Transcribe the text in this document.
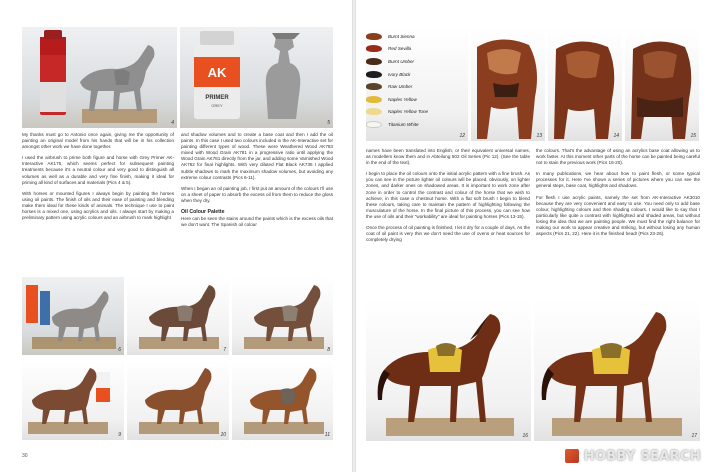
4
AK
PRIMER
GREY
5

My thanks must go to Antonio once again, giving me the opportunity of painting an original model from his hands that will be in his collection amongst other work we have done together.

I used the airbrush to prime both figure and horse with Grey Primer AK-Interactive AK175, which seems perfect for subsequent painting treatments because it's a neutral colour and very good to distinguish all volumes as well as a durable and very fine finish, making it ideal for priming all kind of surfaces and materials (Pics 4 & 5).

With horses or mounted figures I always begin by painting the horses using oil paints. The finish of oils and their ease of painting and blending make them ideal for these kinds of animals. The technique I use to paint horses is a mixed one, using acrylics and oils. I always start by making a preliminary pattern using acrylic colours and an airbrush to mark highlight

and shadow volumes and to create a base coat and then I add the oil paints. In this case I used two colours included in the AK-Interactive set for painting different types of wood. These were Weathered Wood AK783 mixed with Wood Grain AK781 in a progressive ratio until applying the Wood Grain AK781 directly from the jar, and adding some Varnished Wood AK782 for final highlights. With very diluted Flat Black AK735 I applied subtle shadows to mark the maximum shadow volumes, but avoiding any extreme colour contrasts (Pics 6-11).

When I began an oil painting job, I first put an amount of the colours I'll use on a sheet of paper to absorb the excess oil from them to reduce the gloss when they dry.

Oil Colour Palette

Here can be seen the stains around the paints which is the excess oils that we don't want. The Spanish oil colour

6	7	8
9	10	11
30
12
Burnt Sienna
Red Sevilla
Burnt Umber
Ivory Black
Raw Umber
Naples Yellow
Naples Yellow Tone
Titanium White
13	14	15

names have been translated into English, or their equivalent universal names, as modellers know them and in Abteilung 502 Oil Series (Pic 12). (See the table in the end of the text).

I begin to place the oil colours onto the initial acrylic pattern with a fine brush. As you can see in the picture lighter oil colours will be placed, obviously, on lighter zones, and darker ones on shadowed areas. It is important to work zone after zone in order to control the contrast and colour of the horse that we wish to achieve, in this case a chestnut horse. With a flat soft brush I begin to blend these colours, taking care to maintain the pattern of highlighting following the musculature of the horse. In the final picture of this process, you can see how the use of oils and their "workability" are ideal for painting horses (Pics 13-15).

Once the process of oil painting is finished, I let it dry for a couple of days. As the coat of oil paint is very thin we don't need the use of ovens or heat sources for completely drying

the colours. That's the advantage of using an acrylics base coat allowing us to work faster. At this moment other parts of the horse can be painted being careful not to stain the previous work (Pics 16-20).

In many publications, we hear about how to paint flesh, or some typical processes for it. Here I've shown a series of pictures where you can see the general steps, base coat, highlights and shadows.

For flesh I use acrylic paints, namely the set from AK-Interactive AK3010 because they are very convenient and easy to use. You need only to add base colour, highlighting colours and then shading colours. I would like to say that I particularly like quite a contrast with highlighted and shaded areas, but without losing the idea that we are painting people. We must find the right balance for making our work to appear creative and striking, but without losing any human aspects (Pics 21, 22). Here it is the finished head! (Pics 23-26).

16	17
HOBBY SEARCH
